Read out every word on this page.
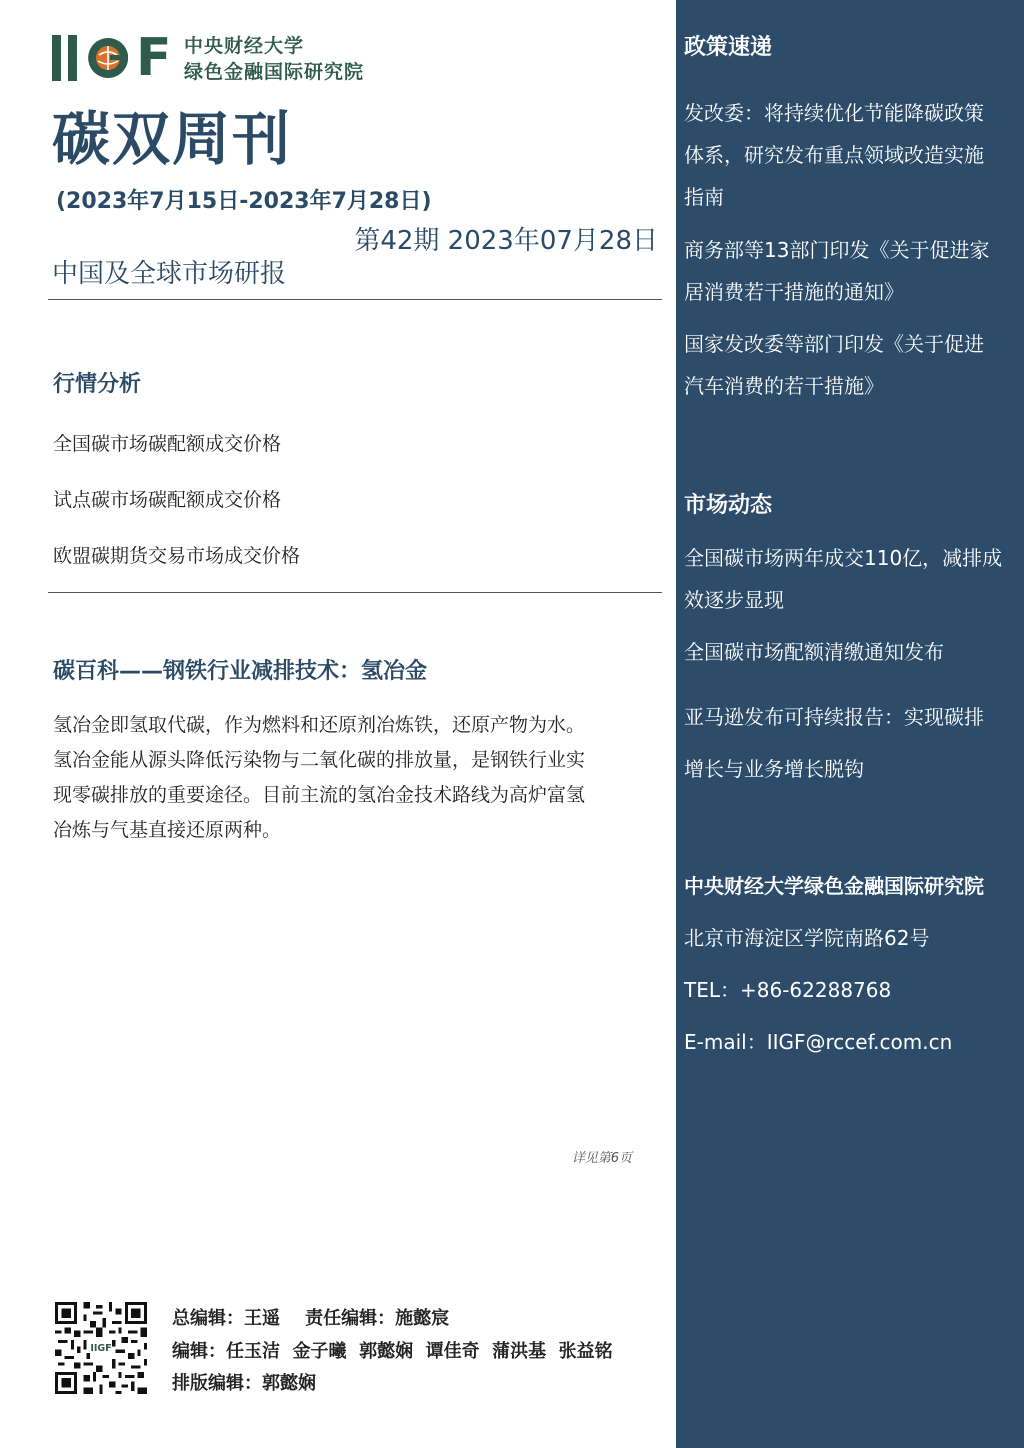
F 中央财经大学
绿色金融国际研究院
碳双周刊
(2023年7月15日-2023年7月28日)
第42期 2023年07月28日
中国及全球市场研报
行情分析
全国碳市场碳配额成交价格
试点碳市场碳配额成交价格
欧盟碳期货交易市场成交价格
碳百科——钢铁行业减排技术：氢冶金
氢冶金即氢取代碳，作为燃料和还原剂冶炼铁，还原产物为水。
氢冶金能从源头降低污染物与二氧化碳的排放量，是钢铁行业实
现零碳排放的重要途径。目前主流的氢冶金技术路线为高炉富氢
冶炼与气基直接还原两种。
详见第6页
政策速递
发改委：将持续优化节能降碳政策
体系，研究发布重点领域改造实施
指南
商务部等13部门印发《关于促进家
居消费若干措施的通知》
国家发改委等部门印发《关于促进
汽车消费的若干措施》
市场动态
全国碳市场两年成交110亿，减排成
效逐步显现
全国碳市场配额清缴通知发布
亚马逊发布可持续报告：实现碳排
增长与业务增长脱钩
中央财经大学绿色金融国际研究院
北京市海淀区学院南路62号
TEL：+86-62288768
E-mail：IIGF@rccef.com.cn
IIGF
总编辑：王遥    责任编辑：施懿宸
编辑：任玉洁  金子曦  郭懿娴  谭佳奇  蒲洪基  张益铭
排版编辑：郭懿娴
